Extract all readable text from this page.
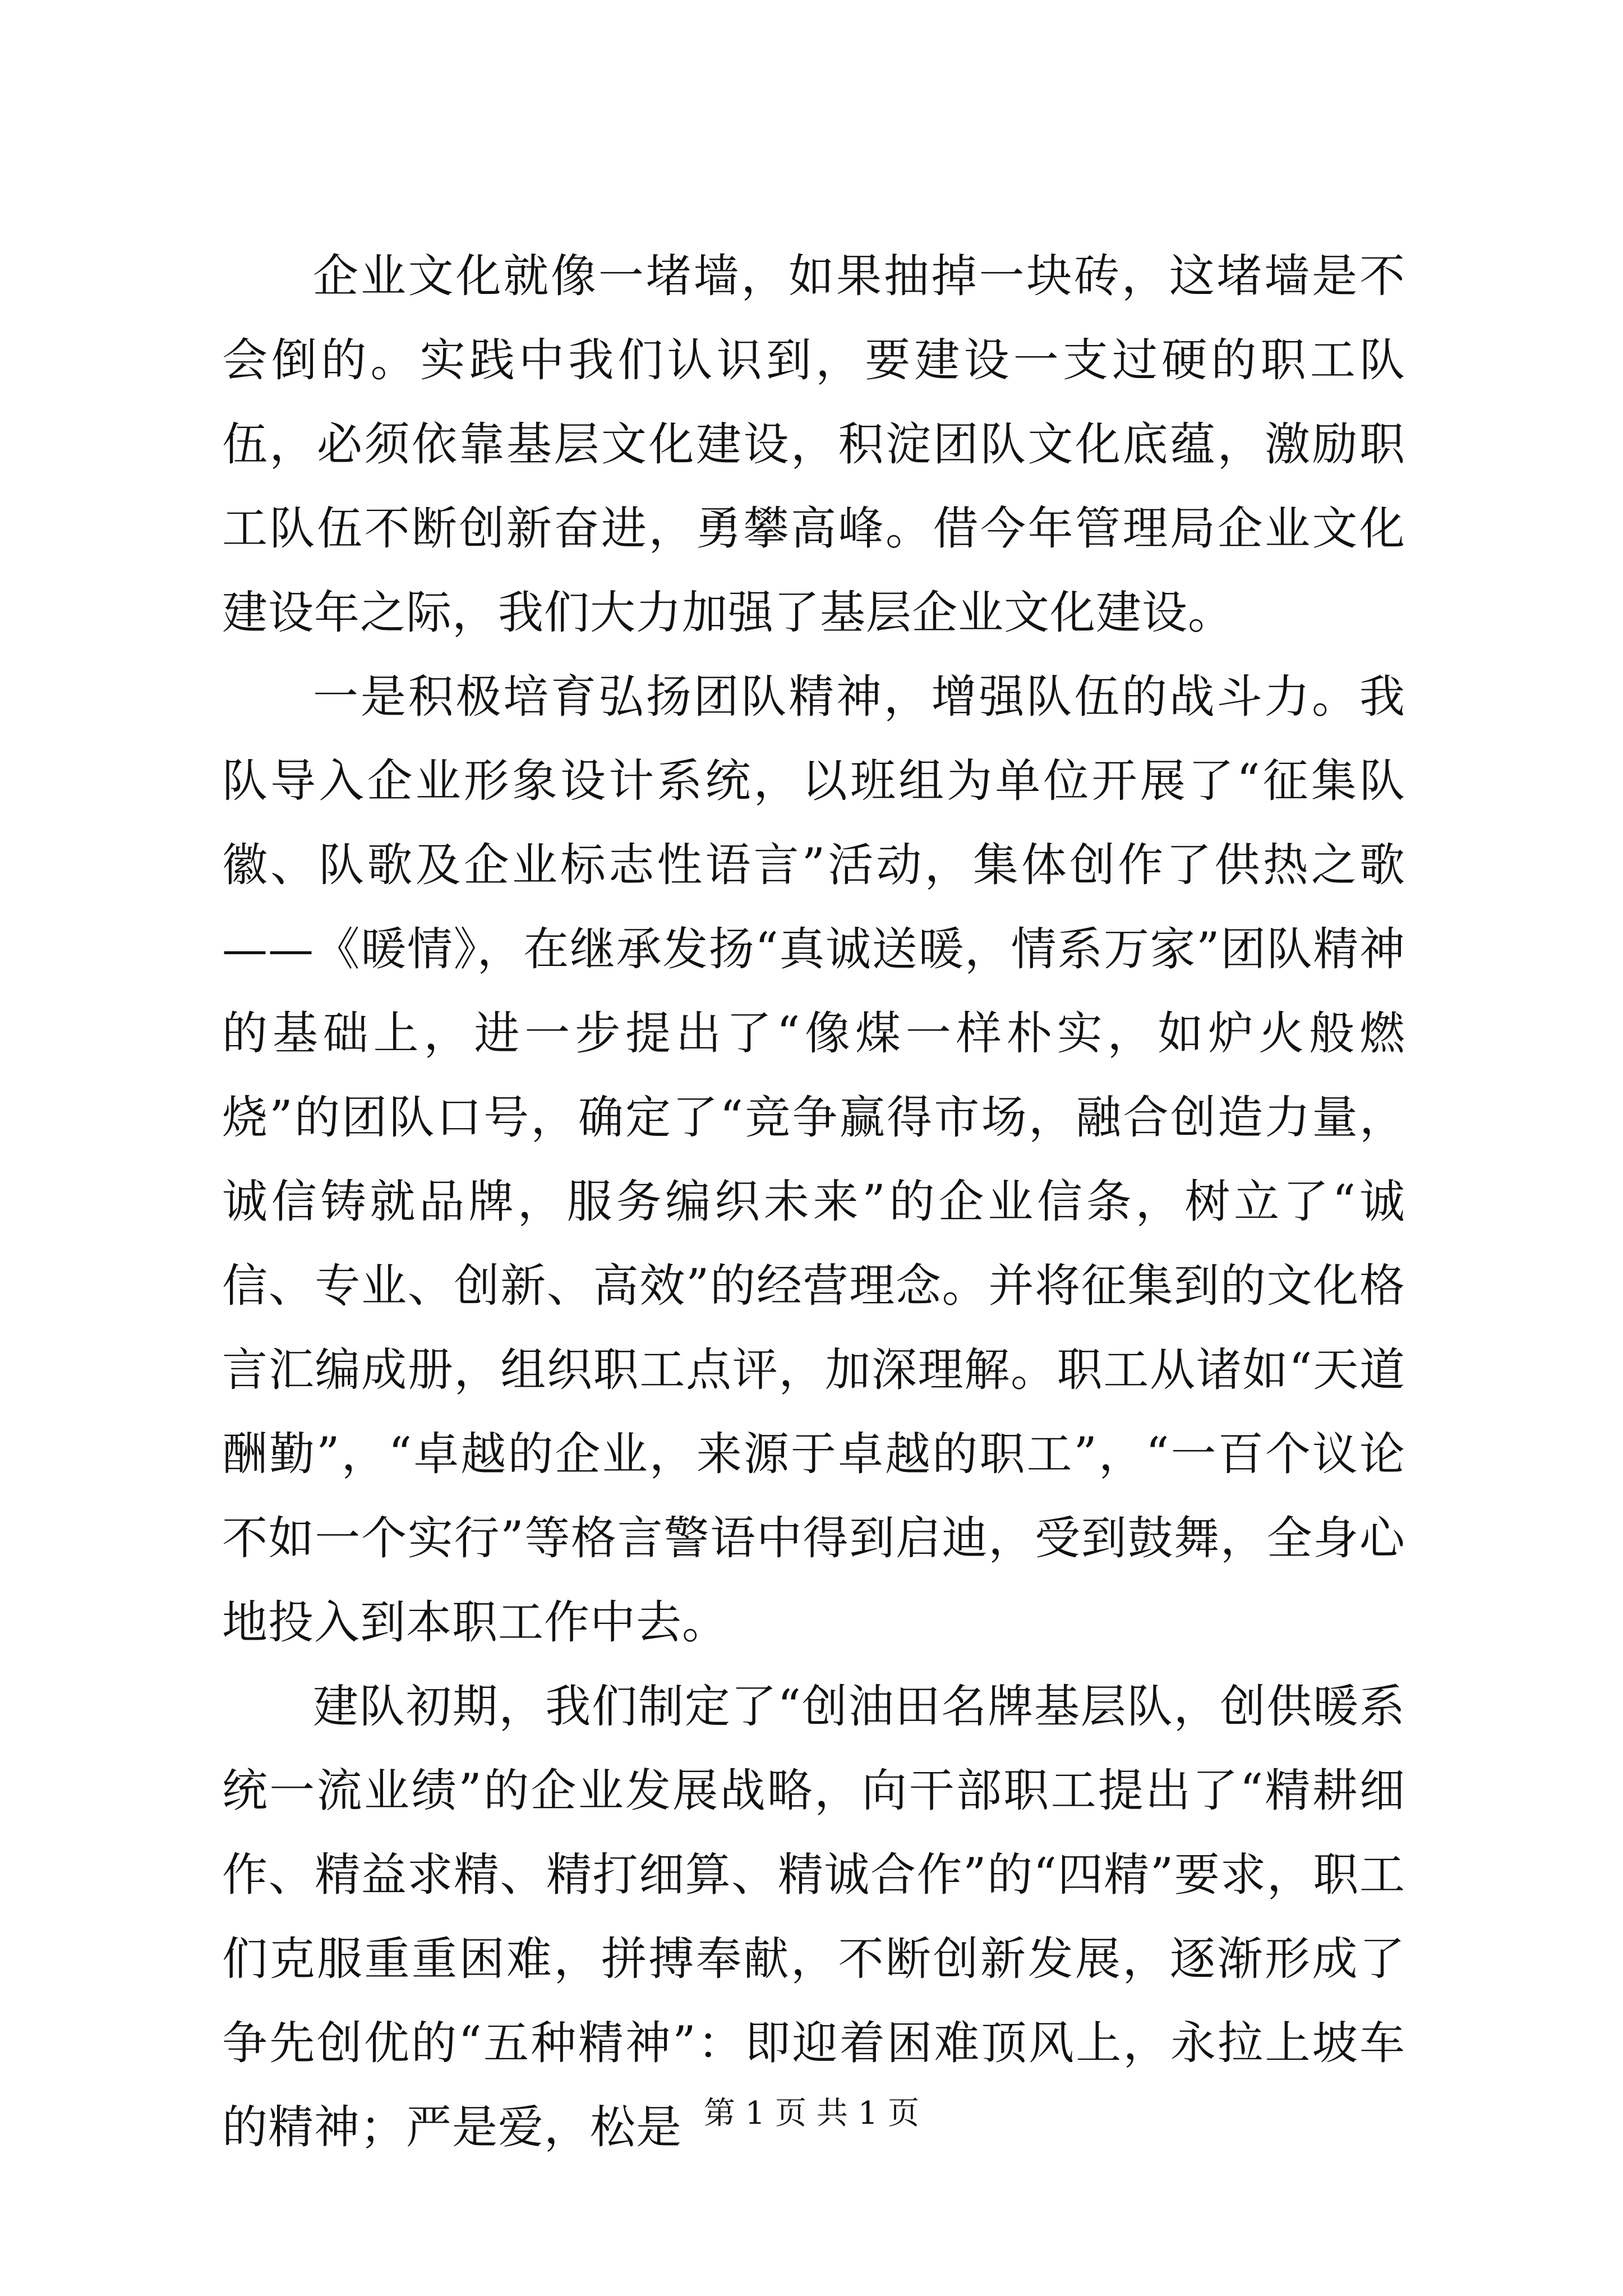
企业文化就像一堵墙，如果抽掉一块砖，这堵墙是不会倒的。实践中我们认识到，要建设一支过硬的职工队伍，必须依靠基层文化建设，积淀团队文化底蕴，激励职工队伍不断创新奋进，勇攀高峰。借今年管理局企业文化建设年之际，我们大力加强了基层企业文化建设。

一是积极培育弘扬团队精神，增强队伍的战斗力。我队导入企业形象设计系统，以班组为单位开展了“征集队徽、队歌及企业标志性语言”活动，集体创作了供热之歌——《暖情》，在继承发扬“真诚送暖，情系万家”团队精神的基础上，进一步提出了“像煤一样朴实，如炉火般燃烧”的团队口号，确定了“竞争赢得市场，融合创造力量，诚信铸就品牌，服务编织未来”的企业信条，树立了“诚信、专业、创新、高效”的经营理念。并将征集到的文化格言汇编成册，组织职工点评，加深理解。职工从诸如“天道酬勤”，“卓越的企业，来源于卓越的职工”，“一百个议论不如一个实行”等格言警语中得到启迪，受到鼓舞，全身心地投入到本职工作中去。

建队初期，我们制定了“创油田名牌基层队，创供暖系统一流业绩”的企业发展战略，向干部职工提出了“精耕细作、精益求精、精打细算、精诚合作”的“四精”要求，职工们克服重重困难，拼搏奉献，不断创新发展，逐渐形成了争先创优的“五种精神”：即迎着困难顶风上，永拉上坡车的精神；严是爱，松是 第 1 页 共 1 页
